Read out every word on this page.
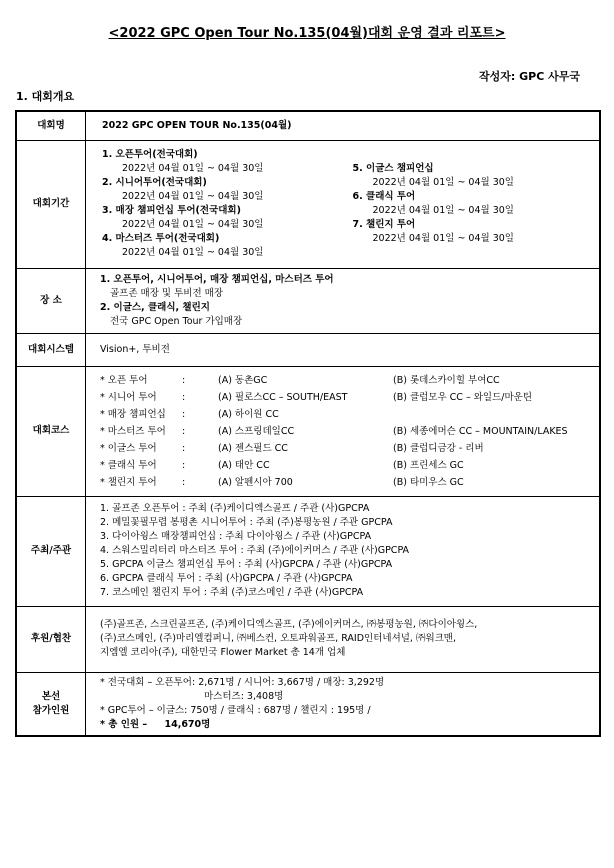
<2022 GPC Open Tour No.135(04월)대회 운영 결과 리포트>
작성자: GPC 사무국
1. 대회개요
대회명	2022 GPC OPEN TOUR No.135(04월)
대회기간	
1. 오픈투어(전국대회)
2022년 04월 01일 ~ 04월 30일
2. 시니어투어(전국대회)
2022년 04월 01일 ~ 04월 30일
3. 매장 챔피언십 투어(전국대회)
2022년 04월 01일 ~ 04월 30일
4. 마스터즈 투어(전국대회)
2022년 04월 01일 ~ 04월 30일
5. 이글스 챔피언십
2022년 04월 01일 ~ 04월 30일
6. 클래식 투어
2022년 04월 01일 ~ 04월 30일
7. 챌린지 투어
2022년 04월 01일 ~ 04월 30일

장 소	
1. 오픈투어, 시니어투어, 매장 챔피언십, 마스터즈 투어
골프존 매장 및 투비전 매장
2. 이글스, 클래식, 챌린지
전국 GPC Open Tour 가입매장

대회시스템	Vision+, 투비전
대회코스	
* 오픈 투어	:	(A) 동촌GC	(B) 롯데스카이힐 부여CC
* 시니어 투어	:	(A) 필로스CC – SOUTH/EAST	(B) 클럽모우 CC – 와일드/마운틴
* 매장 챔피언십	:	(A) 하이원 CC	
* 마스터즈 투어	:	(A) 스프링데일CC	(B) 세종에머슨 CC – MOUNTAIN/LAKES
* 이글스 투어	:	(A) 젠스필드 CC	(B) 클럽디금강 - 리버
* 클래식 투어	:	(A) 태안 CC	(B) 프린세스 GC
* 챌린지 투어	:	(A) 알펜시아 700	(B) 타미우스 GC

주최/주관	
1. 골프존 오픈투어 : 주최 (주)케이디엑스골프 / 주관 (사)GPCPA
2. 메밀꽃필무렵 봉평촌 시니어투어 : 주최 (주)봉평농원 / 주관 GPCPA
3. 다이아윙스 매장챔피언십 : 주최 다이아윙스 / 주관 (사)GPCPA
4. 스워스밀리터리 마스터즈 투어 : 주최 (주)에이커머스 / 주관 (사)GPCPA
5. GPCPA 이글스 챔피언십 투어 : 주최 (사)GPCPA / 주관 (사)GPCPA
6. GPCPA 클래식 투어 : 주최 (사)GPCPA / 주관 (사)GPCPA
7. 코스메인 챌린지 투어 : 주최 (주)코스메인 / 주관 (사)GPCPA

후원/협찬	
(주)골프존, 스크린골프존, (주)케이디엑스골프, (주)에이커머스, ㈜봉평농원, ㈜다이아윙스,
(주)코스메인, (주)마리엘컴퍼니, ㈜베스컨, 오토파워골프, RAID인터네셔널, ㈜워크맨,
지엠엘 코리아(주), 대한민국 Flower Market 총 14개 업체

본선
참가인원

* 전국대회 – 오픈투어: 2,671명 / 시니어: 3,667명 / 매장: 3,292명
마스터즈: 3,408명
* GPC투어 – 이글스: 750명 / 클래식 : 687명 / 챌린지 : 195명 /
* 총 인원 – 14,670명
